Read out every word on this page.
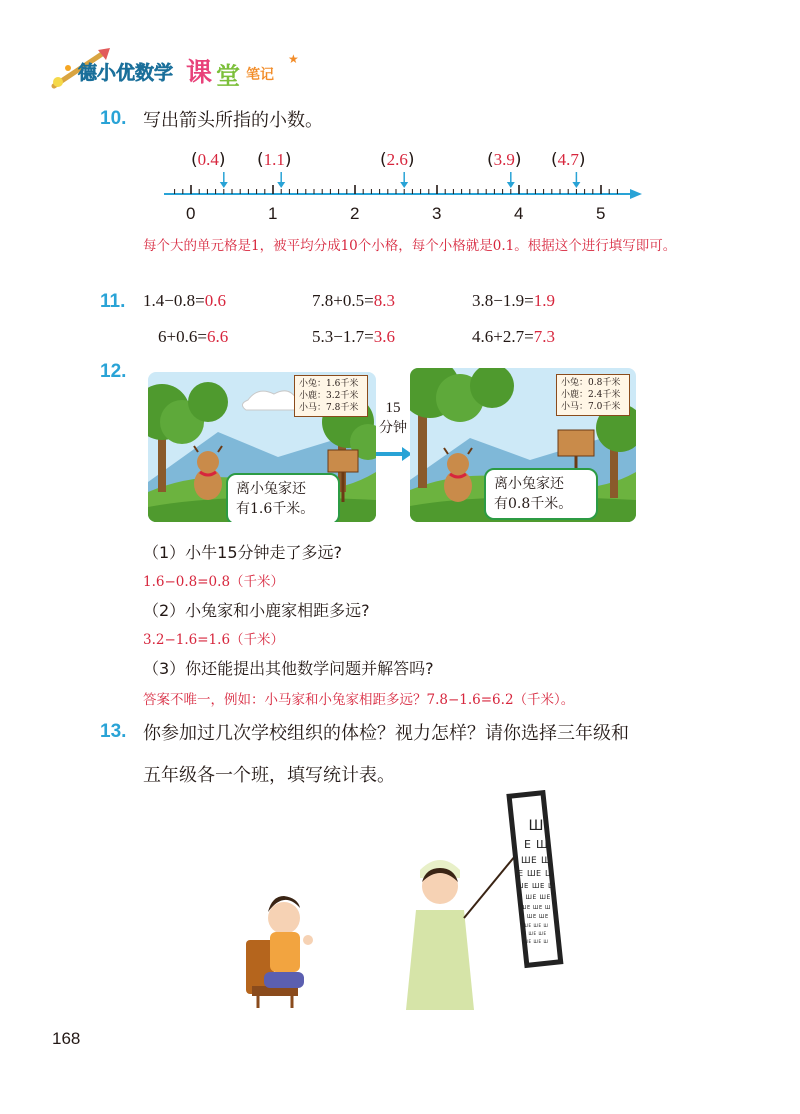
德小优数学 课 堂 笔记
★
10. 写出箭头所指的小数。
(0.4) (1.1)	(2.6)	(3.9) (4.7)
0	1	2	3	4	5
每个大的单元格是1，被平均分成10个小格，每个小格就是0.1。根据这个进行填写即可。
11. 1.4−0.8=0.6	7.8+0.5=8.3	3.8−1.9=1.9
6+0.6=6.6	5.3−1.7=3.6	4.6+2.7=7.3
12.
小兔：1.6千米
小鹿：3.2千米
小马：7.8千米
离小兔家还
有1.6千米。
15
分钟
小兔：0.8千米
小鹿：2.4千米
小马：7.0千米
离小兔家还
有0.8千米。
（1）小牛15分钟走了多远?
1.6−0.8=0.8（千米）
（2）小兔家和小鹿家相距多远?
3.2−1.6=1.6（千米）
（3）你还能提出其他数学问题并解答吗?
答案不唯一，例如：小马家和小兔家相距多远？7.8−1.6=6.2（千米）。
13. 你参加过几次学校组织的体检？视力怎样？请你选择三年级和
五年级各一个班，填写统计表。
Ш
E Ш
Ш E Ш
E Ш E Ш
Ш E Ш E Ш
E Ш E Ш E
Ш E Ш E Ш
E Ш E Ш E
Ш E Ш E Ш
E Ш E Ш E
Ш E Ш E Ш
168
